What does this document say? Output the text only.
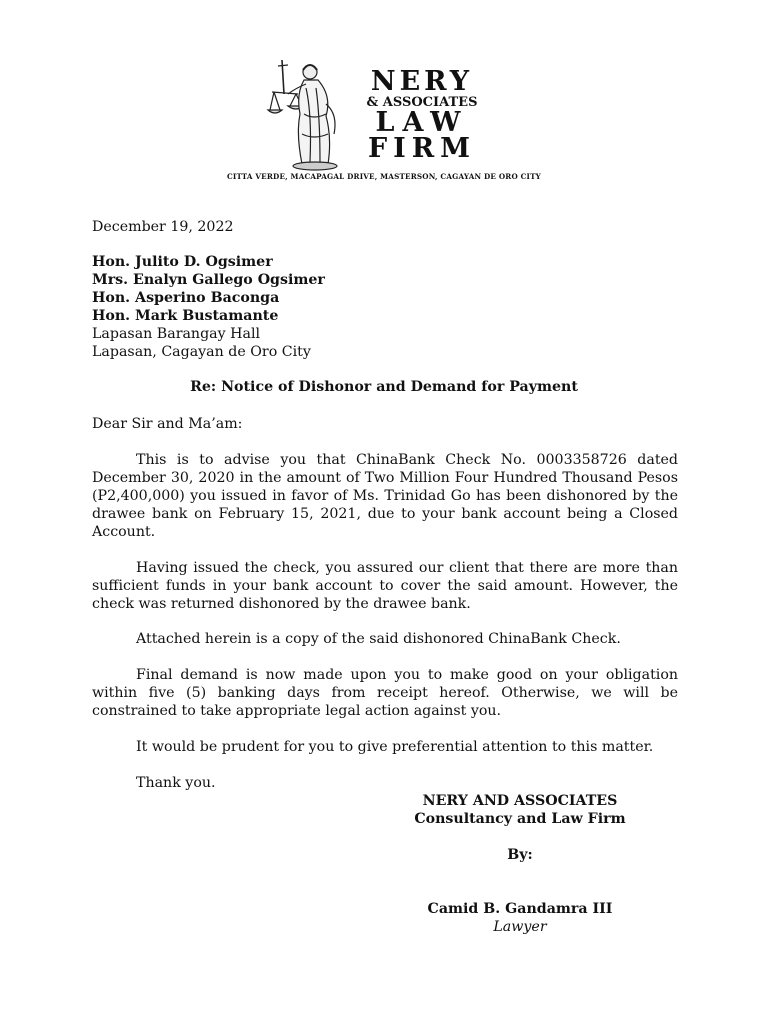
NERY
& ASSOCIATES
LAW
FIRM
CITTA VERDE, MACAPAGAL DRIVE, MASTERSON, CAGAYAN DE ORO CITY
December 19, 2022
Hon. Julito D. Ogsimer
Mrs. Enalyn Gallego Ogsimer
Hon. Asperino Baconga
Hon. Mark Bustamante
Lapasan Barangay Hall
Lapasan, Cagayan de Oro City
Re: Notice of Dishonor and Demand for Payment
Dear Sir and Ma’am:
This is to advise you that ChinaBank Check No. 0003358726 dated December 30, 2020 in the amount of Two Million Four Hundred Thousand Pesos (P2,400,000) you issued in favor of Ms. Trinidad Go has been dishonored by the drawee bank on February 15, 2021, due to your bank account being a Closed Account.
Having issued the check, you assured our client that there are more than sufficient funds in your bank account to cover the said amount. However, the check was returned dishonored by the drawee bank.
Attached herein is a copy of the said dishonored ChinaBank Check.
Final demand is now made upon you to make good on your obligation within five (5) banking days from receipt hereof. Otherwise, we will be constrained to take appropriate legal action against you.
It would be prudent for you to give preferential attention to this matter.
Thank you.
NERY AND ASSOCIATES
Consultancy and Law Firm
By:
Camid B. Gandamra III
Lawyer
